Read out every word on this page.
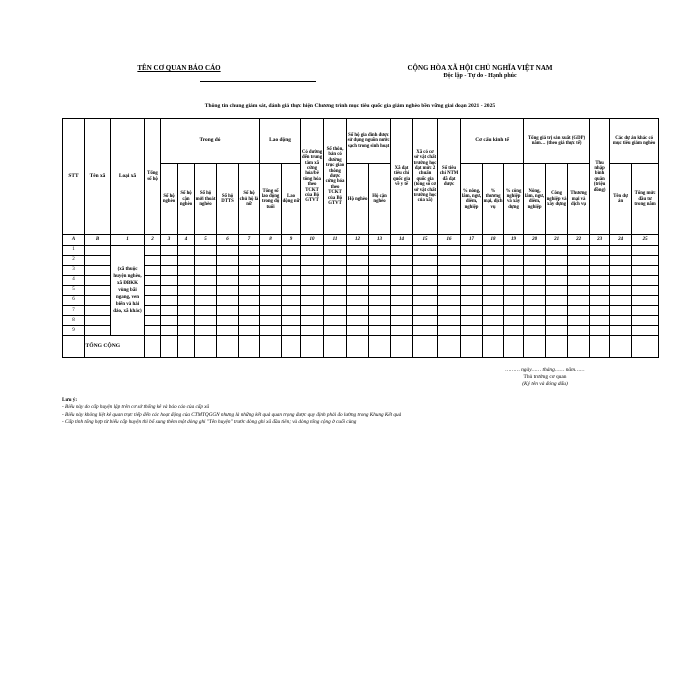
TÊN CƠ QUAN BÁO CÁO	CỘNG HÒA XÃ HỘI CHỦ NGHĨA VIỆT NAM
Độc lập - Tự do - Hạnh phúc
Thông tin chung giám sát, đánh giá thực hiện Chương trình mục tiêu quốc gia giảm nghèo bền vững giai đoạn 2021 - 2025
STT	Tên xã	Loại xã	Tổng số hộ	Trong đó					Lao động		Có đường đến trung tâm xã cứng hóa/bê tông hóa theo TCKT của Bộ GTVT	Số thôn, bản có đường trục giao thông được cứng hóa theo TCKT của Bộ GTVT	Số hộ gia đình được sử dụng nguồn nước sạch trong sinh hoạt		Xã đạt tiêu chí quốc gia về y tế	Xã có cơ sở vật chất trường học đạt mức 2 chuẩn quốc gia (tổng số cơ sở vật chất trường học của xã)	Số tiêu chí NTM đã đạt được	Cơ cấu kinh tế			Tổng giá trị sản xuất (GDP) năm… (theo giá thực tế)			Thu nhập bình quân (triệu đồng)	Các dự án khác có mục tiêu giảm nghèo	
				Số hộ nghèo	Số hộ cận nghèo	Số hộ mới thoát nghèo	Số hộ DTTS	Số hộ chủ hộ là nữ	Tổng số lao động trong độ tuổi	Lao động nữ			Hộ nghèo	Hộ cận nghèo				% nông, lâm, ngư, diêm, nghiệp	% thương mại, dịch vụ	% công nghiệp và xây dựng	Nông, lâm, ngư, diêm, nghiệp	Công nghiệp và xây dựng	Thương mại và dịch vụ		Tên dự án	Tổng mức đầu tư trong năm
A	B	1	2	3	4	5	6	7	8	9	10	11	12	13	14	15	16	17	18	19	20	21	22	23	24	25
1		(xã thuộc huyện nghèo, xã ĐBKK vùng bãi ngang, ven biển và hải đảo, xã khác)																								
2																										
3																										
4																										
5																										
6																										
7																										
8																										
9																										
	TỔNG CỘNG																									
……… ngày…… tháng…… năm……
Thủ trưởng cơ quan
(Ký tên và đóng dấu)
Lưu ý:
- Biểu này do cấp huyện lập trên cơ sở thống kê và báo cáo của cấp xã
- Biểu này không liệt kê quan trực tiếp đến các hoạt động của CTMTQGGN nhưng là những kết quả quan trọng được quy định phải đo lường trong Khung Kết quả
- Cấp tỉnh tổng hợp từ biểu cấp huyện thì bổ sung thêm một dòng ghi "Tên huyện" trước dòng ghi xã đầu tiên; và dòng tổng cộng ở cuối cùng
